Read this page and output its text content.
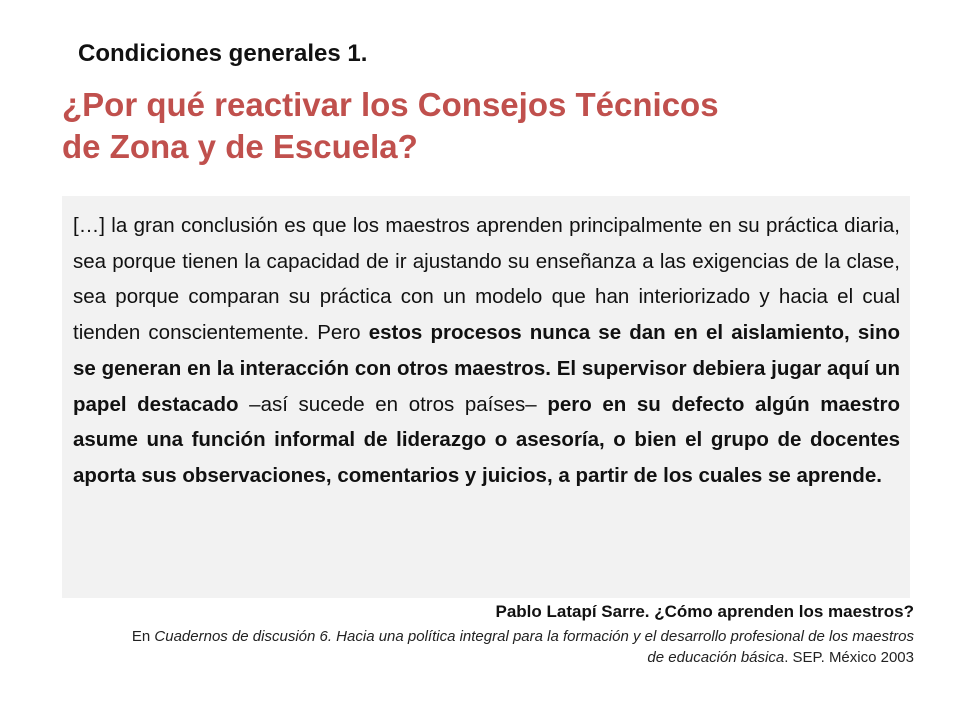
Condiciones generales 1.
¿Por qué reactivar los Consejos Técnicos
de Zona y de Escuela?

[…] la gran conclusión es que los maestros aprenden principalmente en su práctica diaria, sea porque tienen la capacidad de ir ajustando su enseñanza a las exigencias de la clase, sea porque comparan su práctica con un modelo que han interiorizado y hacia el cual tienden conscientemente. Pero estos procesos nunca se dan en el aislamiento, sino se generan en la interacción con otros maestros. El supervisor debiera jugar aquí un papel destacado –así sucede en otros países– pero en su defecto algún maestro asume una función informal de liderazgo o asesoría, o bien el grupo de docentes aporta sus observaciones, comentarios y juicios, a partir de los cuales se aprende.

Pablo Latapí Sarre. ¿Cómo aprenden los maestros?
En Cuadernos de discusión 6. Hacia una política integral para la formación y el desarrollo profesional de los maestros de educación básica. SEP. México 2003
